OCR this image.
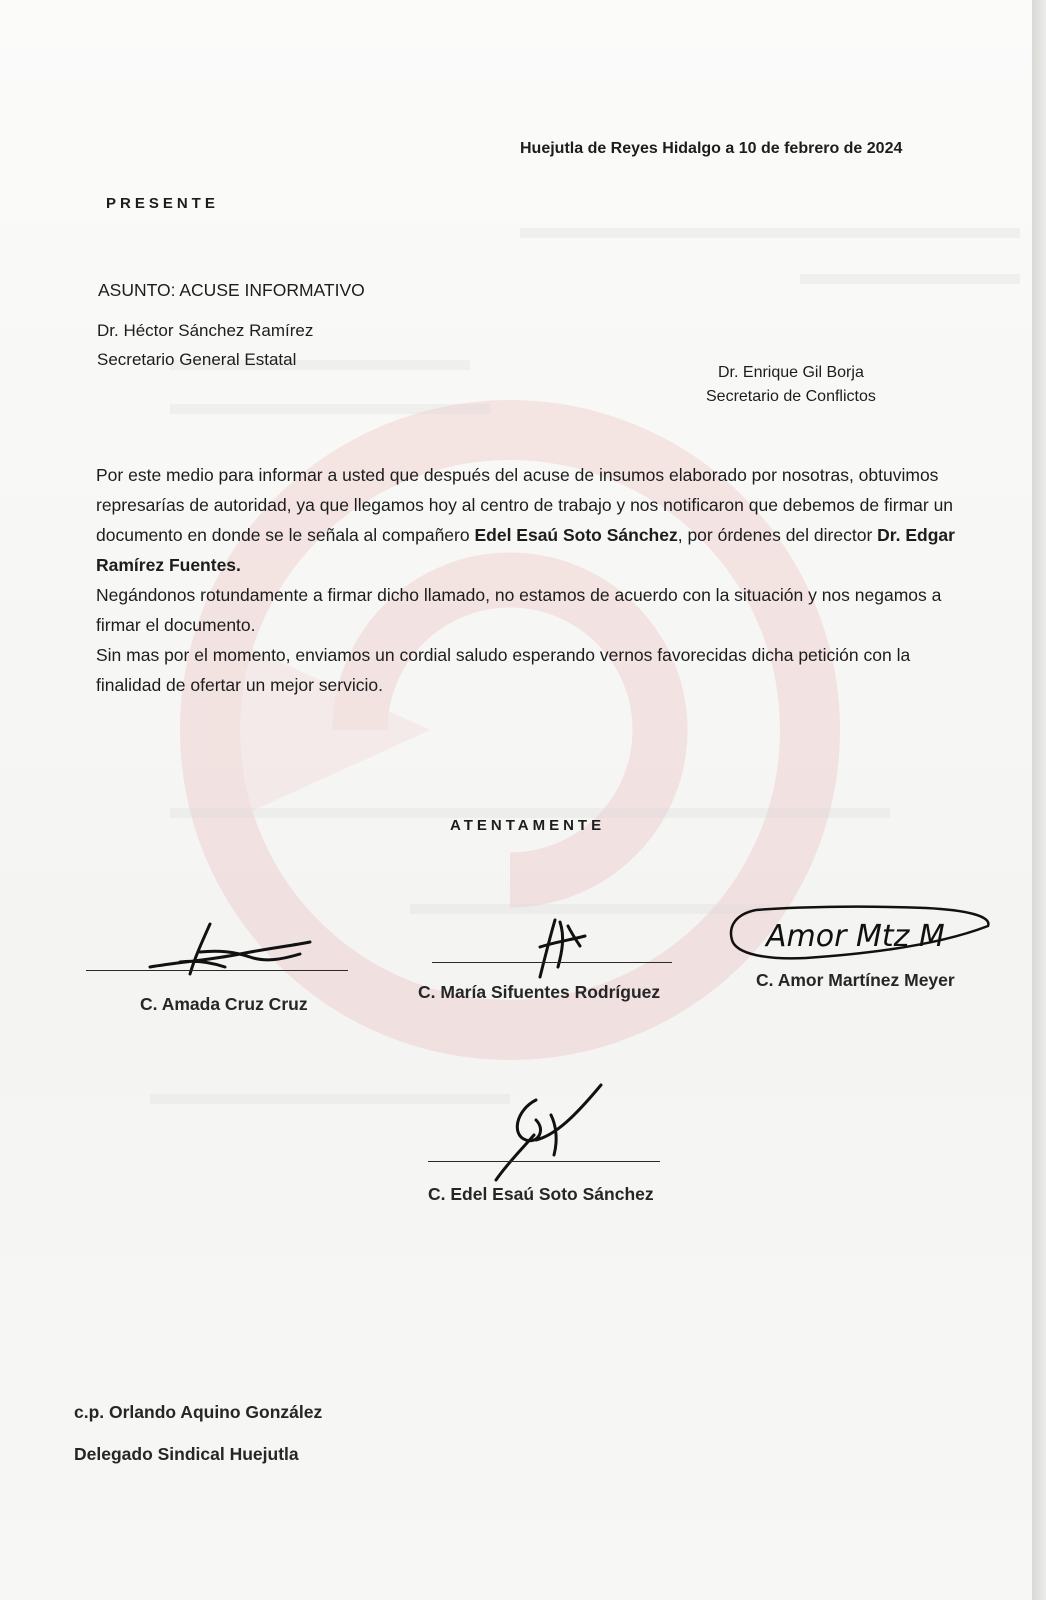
Huejutla de Reyes Hidalgo a 10 de febrero de 2024
PRESENTE
ASUNTO: ACUSE INFORMATIVO
Dr. Héctor Sánchez Ramírez
Secretario General Estatal
Dr. Enrique Gil Borja
Secretario de Conflictos

Por este medio para informar a usted que después del acuse de insumos elaborado por nosotras, obtuvimos represarías de autoridad, ya que llegamos hoy al centro de trabajo y nos notificaron que debemos de firmar un documento en donde se le señala al compañero Edel Esaú Soto Sánchez, por órdenes del director Dr. Edgar Ramírez Fuentes.

Negándonos rotundamente a firmar dicho llamado, no estamos de acuerdo con la situación y nos negamos a firmar el documento.

Sin mas por el momento, enviamos un cordial saludo esperando vernos favorecidas dicha petición con la finalidad de ofertar un mejor servicio.

ATENTAMENTE
C. Amada Cruz Cruz
C. María Sifuentes Rodríguez
Amor Mtz M
C. Amor Martínez Meyer
C. Edel Esaú Soto Sánchez
c.p. Orlando Aquino González
Delegado Sindical Huejutla
